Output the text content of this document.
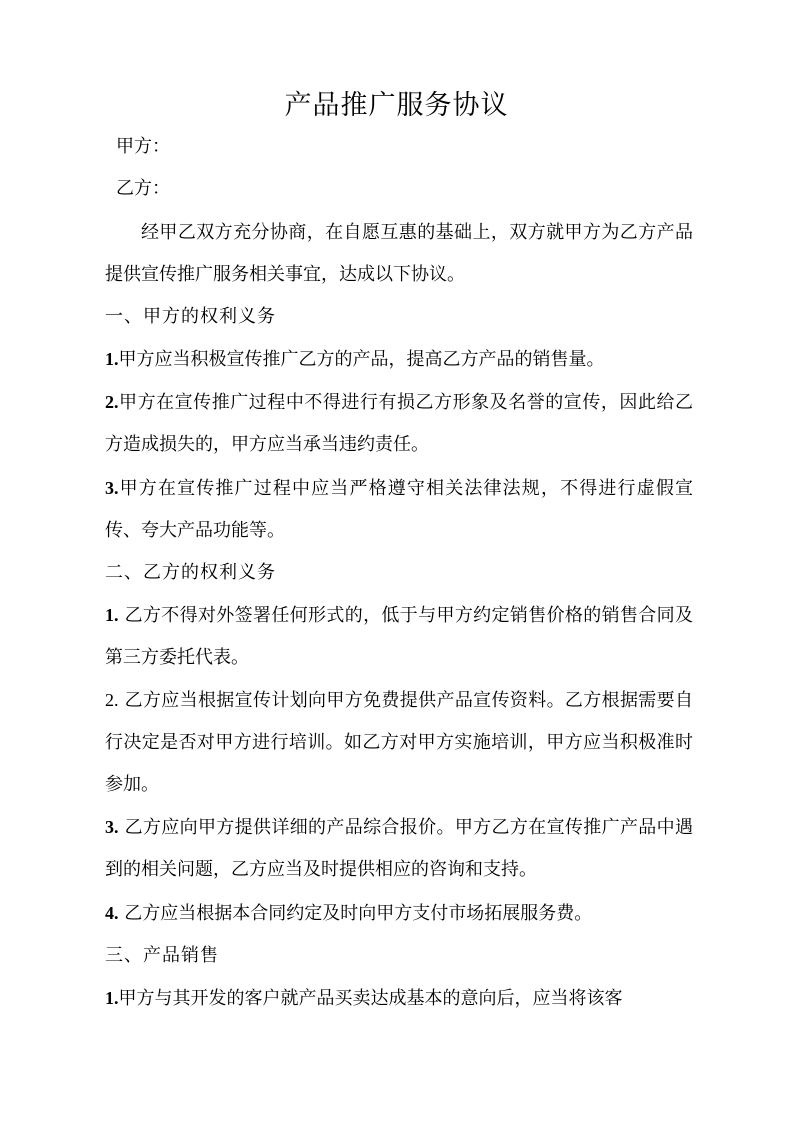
产品推广服务协议
甲方：
乙方：

经甲乙双方充分协商，在自愿互惠的基础上，双方就甲方为乙方产品提供宣传推广服务相关事宜，达成以下协议。

一、甲方的权利义务

1.甲方应当积极宣传推广乙方的产品，提高乙方产品的销售量。

2.甲方在宣传推广过程中不得进行有损乙方形象及名誉的宣传，因此给乙方造成损失的，甲方应当承当违约责任。

3.甲方在宣传推广过程中应当严格遵守相关法律法规，不得进行虚假宣传、夸大产品功能等。

二、乙方的权利义务

1. 乙方不得对外签署任何形式的，低于与甲方约定销售价格的销售合同及第三方委托代表。

2. 乙方应当根据宣传计划向甲方免费提供产品宣传资料。乙方根据需要自行决定是否对甲方进行培训。如乙方对甲方实施培训，甲方应当积极准时参加。

3. 乙方应向甲方提供详细的产品综合报价。甲方乙方在宣传推广产品中遇到的相关问题，乙方应当及时提供相应的咨询和支持。

4. 乙方应当根据本合同约定及时向甲方支付市场拓展服务费。

三、产品销售

1.甲方与其开发的客户就产品买卖达成基本的意向后，应当将该客
